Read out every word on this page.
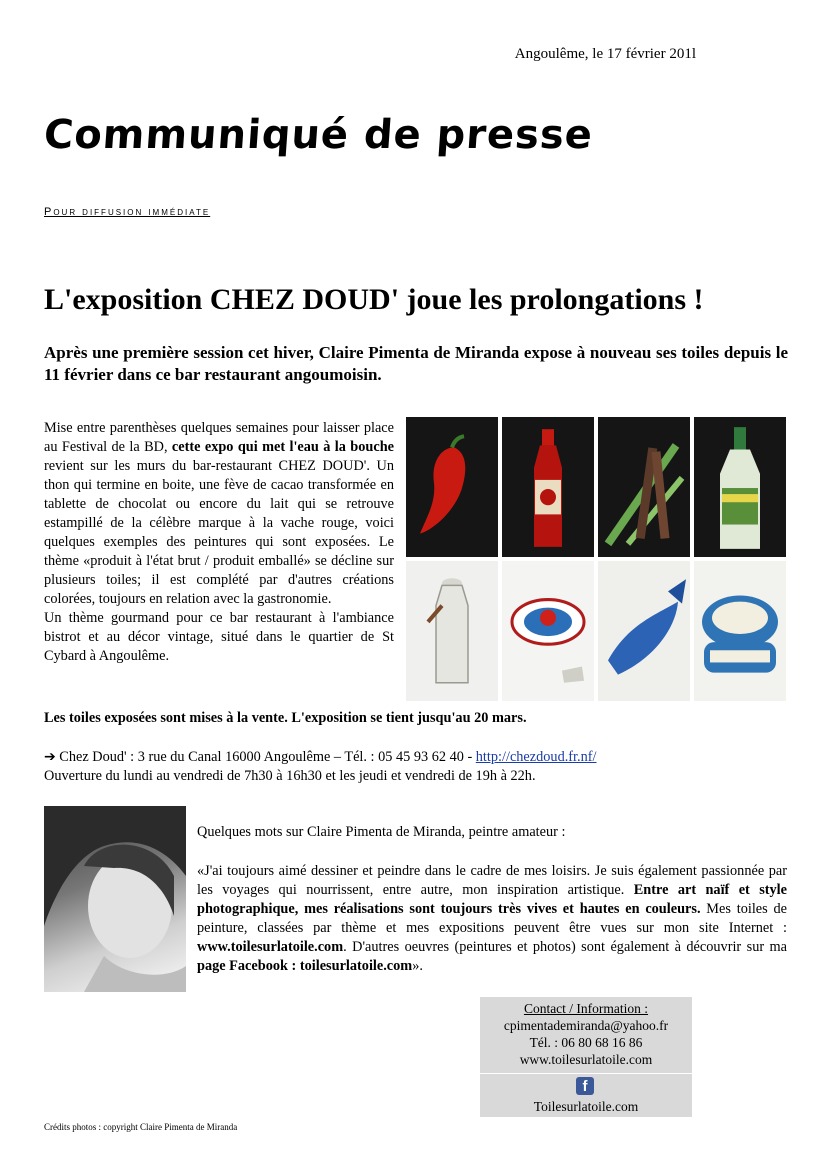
Angoulême, le 17 février 201l
Communiqué de presse
Pour diffusion immédiate
L'exposition CHEZ DOUD' joue les prolongations !
Après une première session cet hiver, Claire Pimenta de Miranda expose à nouveau ses toiles depuis le 11 février dans ce bar restaurant angoumoisin.

Mise entre parenthèses quelques semaines pour laisser place au Festival de la BD, cette expo qui met l'eau à la bouche revient sur les murs du bar-restaurant CHEZ DOUD'. Un thon qui termine en boite, une fève de cacao transformée en tablette de chocolat ou encore du lait qui se retrouve estampillé de la célèbre marque à la vache rouge, voici quelques exemples des peintures qui sont exposées. Le thème «produit à l'état brut / produit emballé» se décline sur plusieurs toiles; il est complété par d'autres créations colorées, toujours en relation avec la gastronomie.

Un thème gourmand pour ce bar restaurant à l'ambiance bistrot et au décor vintage, situé dans le quartier de St Cybard à Angoulême.

Les toiles exposées sont mises à la vente. L'exposition se tient jusqu'au 20 mars.
➔ Chez Doud' : 3 rue du Canal 16000 Angoulême – Tél. : 05 45 93 62 40 - http://chezdoud.fr.nf/
Ouverture du lundi au vendredi de 7h30 à 16h30 et les jeudi et vendredi de 19h à 22h.
Quelques mots sur Claire Pimenta de Miranda, peintre amateur :
«J'ai toujours aimé dessiner et peindre dans le cadre de mes loisirs. Je suis également passionnée par les voyages qui nourrissent, entre autre, mon inspiration artistique. Entre art naïf et style photographique, mes réalisations sont toujours très vives et hautes en couleurs. Mes toiles de peinture, classées par thème et mes expositions peuvent être vues sur mon site Internet : www.toilesurlatoile.com. D'autres oeuvres (peintures et photos) sont également à découvrir sur ma page Facebook : toilesurlatoile.com».
Contact / Information :
cpimentademiranda@yahoo.fr
Tél. : 06 80 68 16 86
www.toilesurlatoile.com
f
Toilesurlatoile.com
Crédits photos : copyright Claire Pimenta de Miranda
